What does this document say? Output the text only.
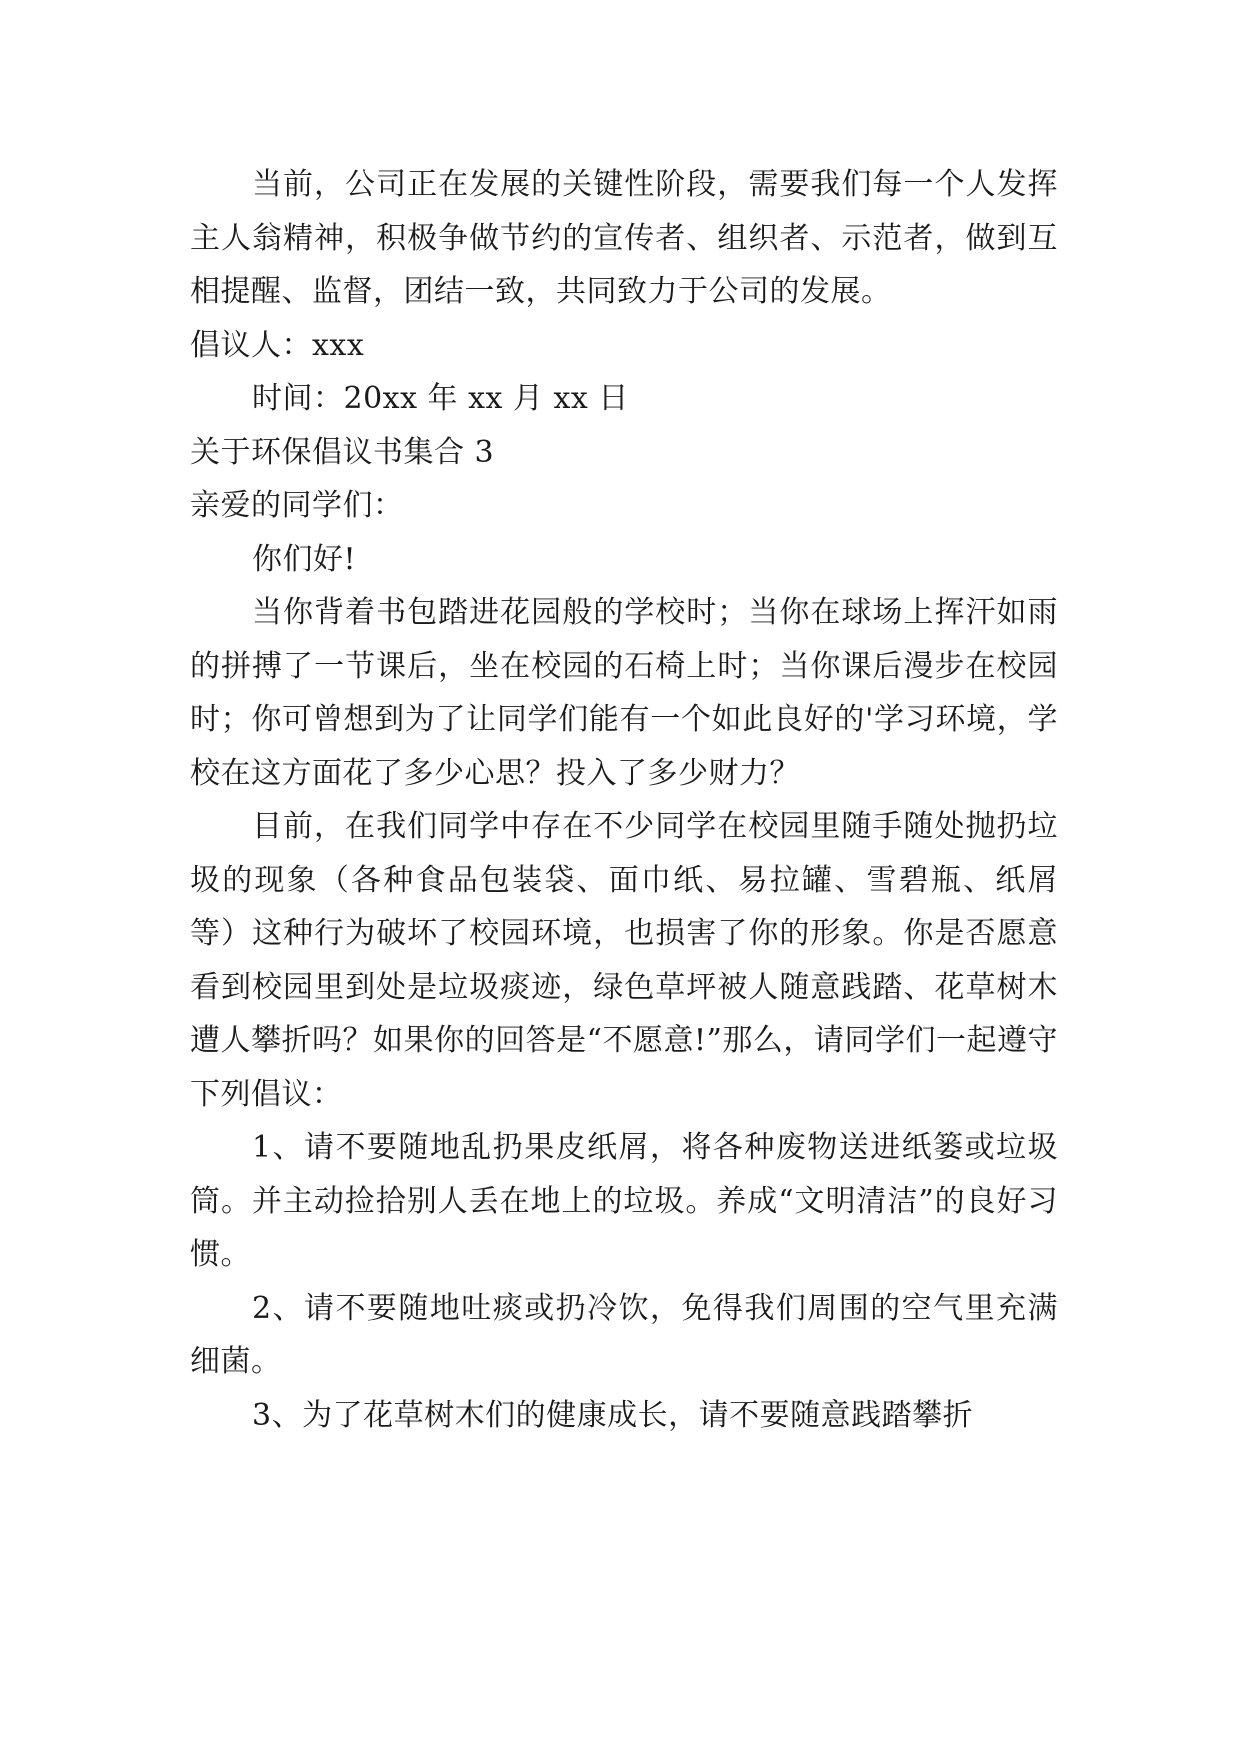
当前，公司正在发展的关键性阶段，需要我们每一个人发挥主人翁精神，积极争做节约的宣传者、组织者、示范者，做到互相提醒、监督，团结一致，共同致力于公司的发展。

倡议人：xxx

时间：20xx 年 xx 月 xx 日

关于环保倡议书集合 3

亲爱的同学们：

你们好!

当你背着书包踏进花园般的学校时；当你在球场上挥汗如雨的拼搏了一节课后，坐在校园的石椅上时；当你课后漫步在校园时；你可曾想到为了让同学们能有一个如此良好的'学习环境，学校在这方面花了多少心思？投入了多少财力？

目前，在我们同学中存在不少同学在校园里随手随处抛扔垃圾的现象（各种食品包装袋、面巾纸、易拉罐、雪碧瓶、纸屑等）这种行为破坏了校园环境，也损害了你的形象。你是否愿意看到校园里到处是垃圾痰迹，绿色草坪被人随意践踏、花草树木遭人攀折吗？如果你的回答是“不愿意!”那么，请同学们一起遵守下列倡议：

1、请不要随地乱扔果皮纸屑，将各种废物送进纸篓或垃圾筒。并主动捡拾别人丢在地上的垃圾。养成“文明清洁”的良好习惯。

2、请不要随地吐痰或扔冷饮，免得我们周围的空气里充满细菌。

3、为了花草树木们的健康成长，请不要随意践踏攀折
